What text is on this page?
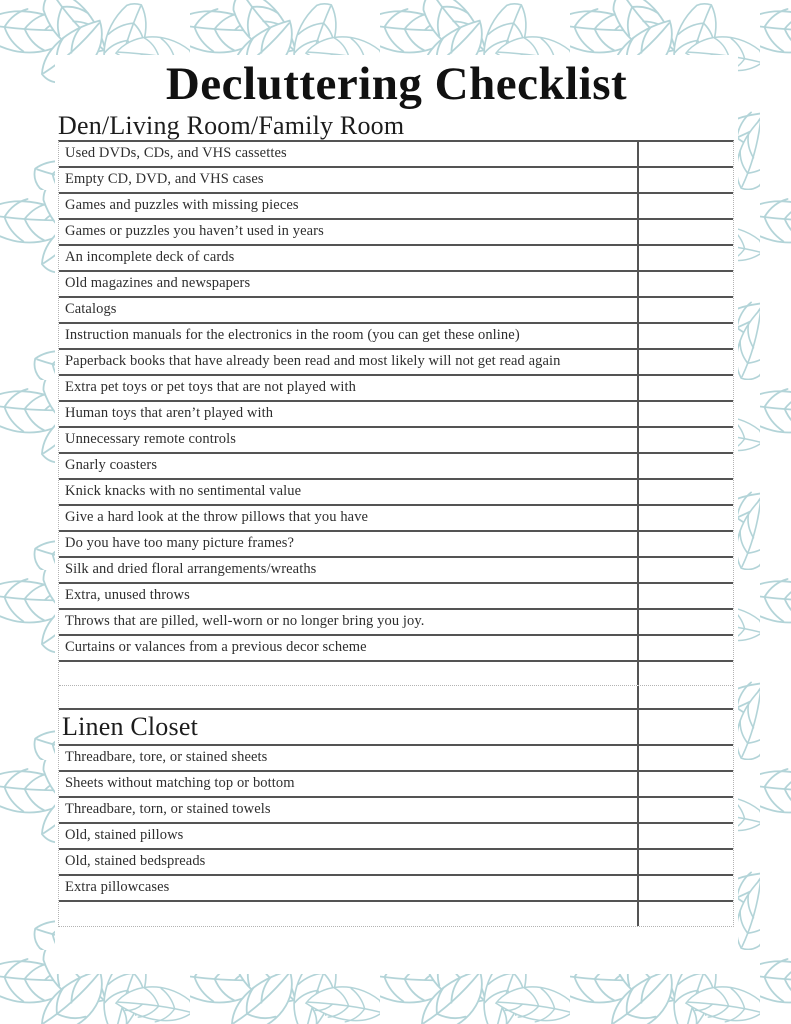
Decluttering Checklist
Den/Living Room/Family Room
Used DVDs, CDs, and VHS cassettes
Empty CD, DVD, and VHS cases
Games and puzzles with missing pieces
Games or puzzles you haven’t used in years
An incomplete deck of cards
Old magazines and newspapers
Catalogs
Instruction manuals for the electronics in the room (you can get these online)
Paperback books that have already been read and most likely will not get read again
Extra pet toys or pet toys that are not played with
Human toys that aren’t played with
Unnecessary remote controls
Gnarly coasters
Knick knacks with no sentimental value
Give a hard look at the throw pillows that you have
Do you have too many picture frames?
Silk and dried floral arrangements/wreaths
Extra, unused throws
Throws that are pilled, well-worn or no longer bring you joy.
Curtains or valances from a previous decor scheme
Linen Closet
Threadbare, tore, or stained sheets
Sheets without matching top or bottom
Threadbare, torn, or stained towels
Old, stained pillows
Old, stained bedspreads
Extra pillowcases
